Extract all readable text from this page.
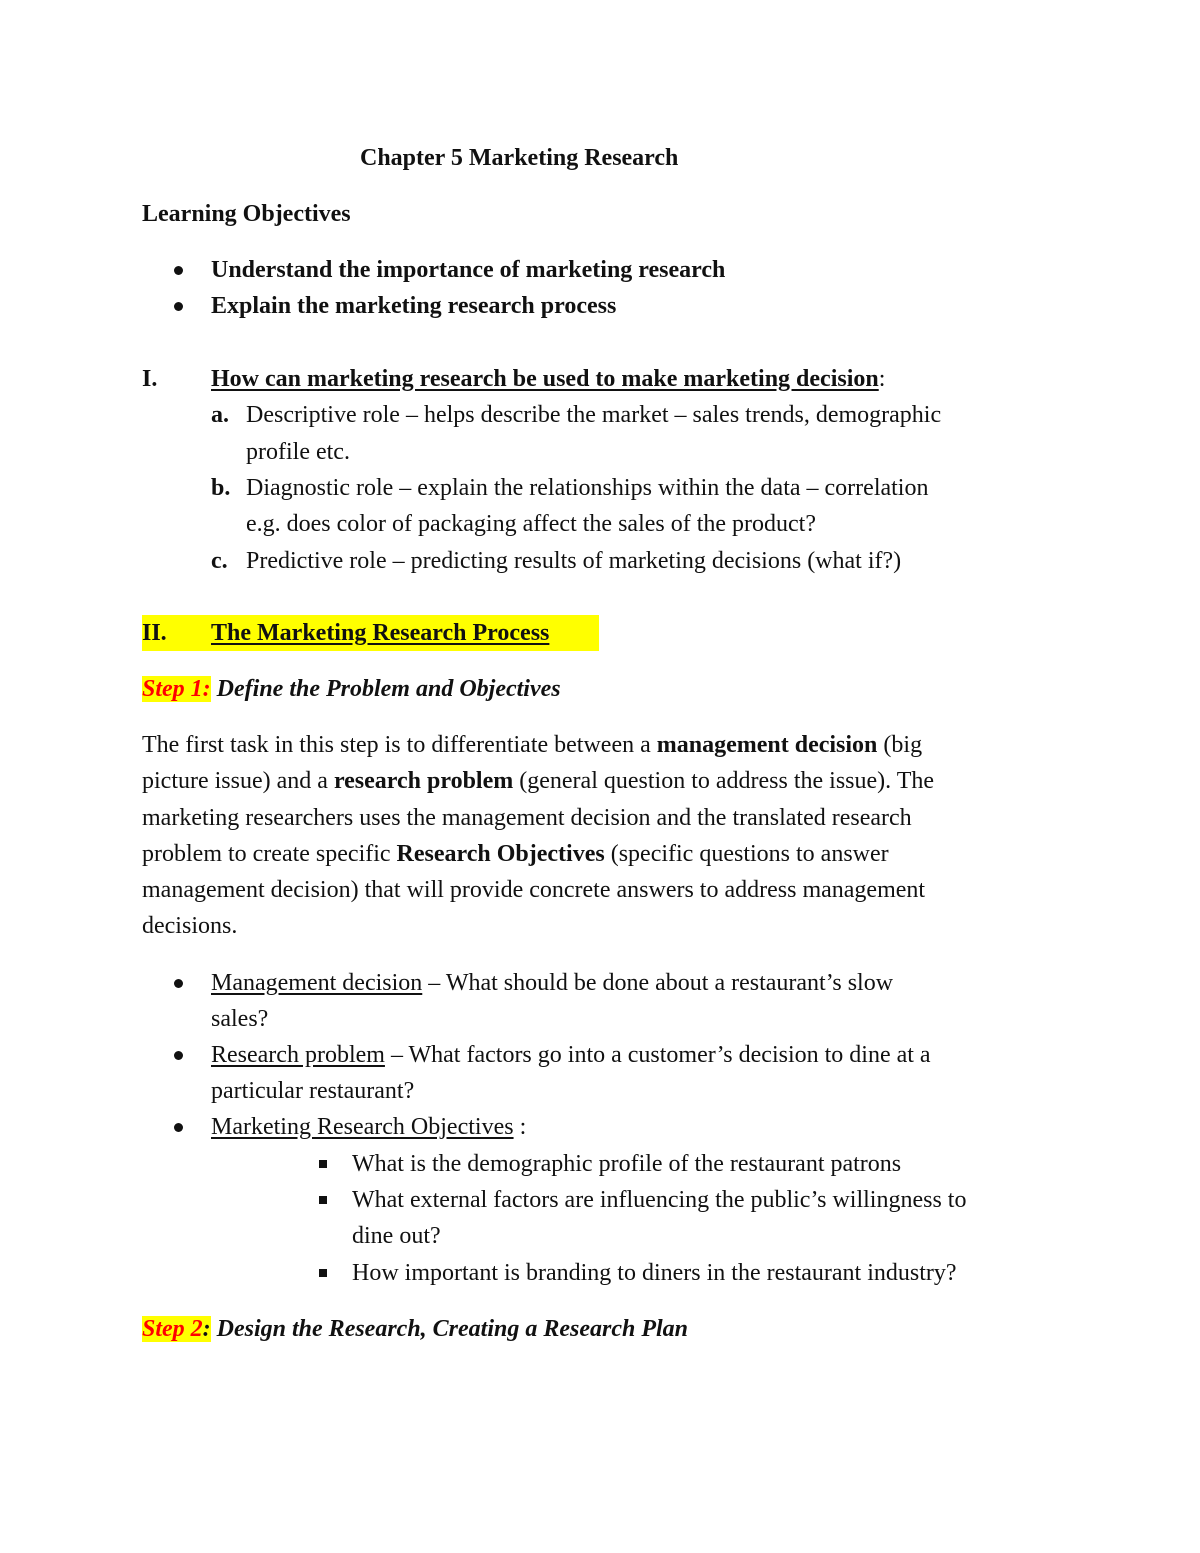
Chapter 5 Marketing Research
Learning Objectives
Understand the importance of marketing research
Explain the marketing research process
I. How can marketing research be used to make marketing decision:
a. Descriptive role – helps describe the market – sales trends, demographic
profile etc.
b. Diagnostic role – explain the relationships within the data – correlation
e.g. does color of packaging affect the sales of the product?
c. Predictive role – predicting results of marketing decisions (what if?)
II. The Marketing Research Process
Step 1: Define the Problem and Objectives
The first task in this step is to differentiate between a management decision (big
picture issue) and a research problem (general question to address the issue). The
marketing researchers uses the management decision and the translated research
problem to create specific Research Objectives (specific questions to answer
management decision) that will provide concrete answers to address management
decisions.
Management decision – What should be done about a restaurant’s slow
sales?
Research problem – What factors go into a customer’s decision to dine at a
particular restaurant?
Marketing Research Objectives :
What is the demographic profile of the restaurant patrons
What external factors are influencing the public’s willingness to
dine out?
How important is branding to diners in the restaurant industry?
Step 2: Design the Research, Creating a Research Plan
